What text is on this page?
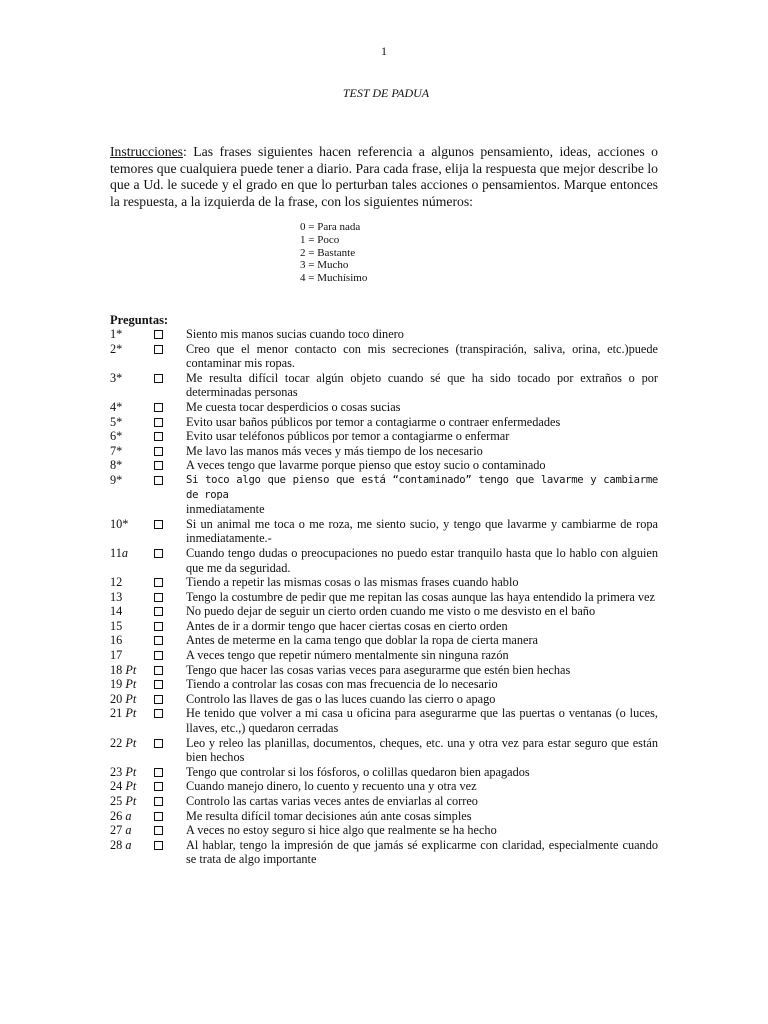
1
TEST DE PADUA

Instrucciones: Las frases siguientes hacen referencia a algunos pensamiento, ideas, acciones o temores que cualquiera puede tener a diario. Para cada frase, elija la respuesta que mejor describe lo que a Ud. le sucede y el grado en que lo perturban tales acciones o pensamientos. Marque entonces la respuesta, a la izquierda de la frase, con los siguientes números:

0 = Para nada
1 = Poco
2 = Bastante
3 = Mucho
4 = Muchísimo
Preguntas:
1*	Siento mis manos sucias cuando toco dinero
2*	Creo que el menor contacto con mis secreciones (transpiración, saliva, orina, etc.)puede contaminar mis ropas.
3*	Me resulta difícil tocar algún objeto cuando sé que ha sido tocado por extraños o por determinadas personas
4*	Me cuesta tocar desperdicios o cosas sucias
5*	Evito usar baños públicos por temor a contagiarme o contraer enfermedades
6*	Evito usar teléfonos públicos por temor a contagiarme o enfermar
7*	Me lavo las manos más veces y más tiempo de los necesario
8*	A veces tengo que lavarme porque pienso que estoy sucio o contaminado
9*	Si toco algo que pienso que está “contaminado” tengo que lavarme y cambiarme de ropa
inmediatamente
10*	Si un animal me toca o me roza, me siento sucio, y tengo que lavarme y cambiarme de ropa inmediatamente.-
11a	Cuando tengo dudas o preocupaciones no puedo estar tranquilo hasta que lo hablo con alguien que me da seguridad.
12	Tiendo a repetir las mismas cosas o las mismas frases cuando hablo
13	Tengo la costumbre de pedir que me repitan las cosas aunque las haya entendido la primera vez
14	No puedo dejar de seguir un cierto orden cuando me visto o me desvisto en el baño
15	Antes de ir a dormir tengo que hacer ciertas cosas en cierto orden
16	Antes de meterme en la cama tengo que doblar la ropa de cierta manera
17	A veces tengo que repetir número mentalmente sin ninguna razón
18 Pt	Tengo que hacer las cosas varias veces para asegurarme que estén bien hechas
19 Pt	Tiendo a controlar las cosas con mas frecuencia de lo necesario
20 Pt	Controlo las llaves de gas o las luces cuando las cierro o apago
21 Pt	He tenido que volver a mi casa u oficina para asegurarme que las puertas o ventanas (o luces, llaves, etc.,) quedaron cerradas
22 Pt	Leo y releo las planillas, documentos, cheques, etc. una y otra vez para estar seguro que están bien hechos
23 Pt	Tengo que controlar si los fósforos, o colillas quedaron bien apagados
24 Pt	Cuando manejo dinero, lo cuento y recuento una y otra vez
25 Pt	Controlo las cartas varias veces antes de enviarlas al correo
26 a	Me resulta difícil tomar decisiones aún ante cosas simples
27 a	A veces no estoy seguro si hice algo que realmente se ha hecho
28 a	Al hablar, tengo la impresión de que jamás sé explicarme con claridad, especialmente cuando se trata de algo importante
